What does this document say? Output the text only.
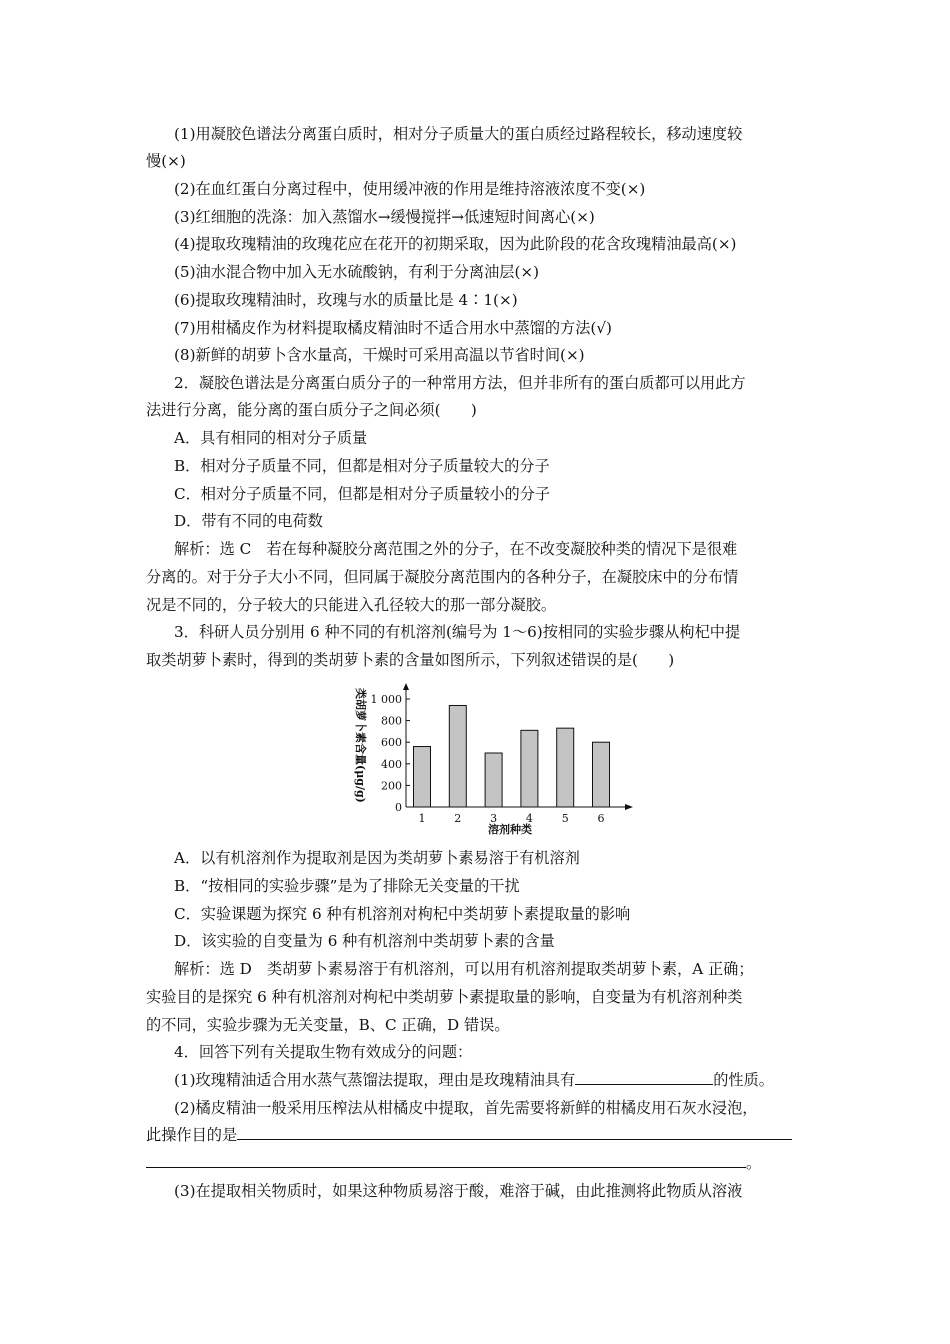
(1)用凝胶色谱法分离蛋白质时，相对分子质量大的蛋白质经过路程较长，移动速度较
慢(×)
(2)在血红蛋白分离过程中，使用缓冲液的作用是维持溶液浓度不变(×)
(3)红细胞的洗涤：加入蒸馏水→缓慢搅拌→低速短时间离心(×)
(4)提取玫瑰精油的玫瑰花应在花开的初期采取，因为此阶段的花含玫瑰精油最高(×)
(5)油水混合物中加入无水硫酸钠，有利于分离油层(×)
(6)提取玫瑰精油时，玫瑰与水的质量比是 4∶1(×)
(7)用柑橘皮作为材料提取橘皮精油时不适合用水中蒸馏的方法(√)
(8)新鲜的胡萝卜含水量高，干燥时可采用高温以节省时间(×)
2．凝胶色谱法是分离蛋白质分子的一种常用方法，但并非所有的蛋白质都可以用此方
法进行分离，能分离的蛋白质分子之间必须(　　)
A．具有相同的相对分子质量
B．相对分子质量不同，但都是相对分子质量较大的分子
C．相对分子质量不同，但都是相对分子质量较小的分子
D．带有不同的电荷数
解析：选 C　若在每种凝胶分离范围之外的分子，在不改变凝胶种类的情况下是很难
分离的。对于分子大小不同，但同属于凝胶分离范围内的各种分子，在凝胶床中的分布情
况是不同的，分子较大的只能进入孔径较大的那一部分凝胶。
3．科研人员分别用 6 种不同的有机溶剂(编号为 1～6)按相同的实验步骤从枸杞中提
取类胡萝卜素时，得到的类胡萝卜素的含量如图所示，下列叙述错误的是(　　)
类胡萝卜素含量(μg/g)
0
200
400
600
800
1 000
1	2	3	4	5	6
溶剂种类
A．以有机溶剂作为提取剂是因为类胡萝卜素易溶于有机溶剂
B．“按相同的实验步骤”是为了排除无关变量的干扰
C．实验课题为探究 6 种有机溶剂对枸杞中类胡萝卜素提取量的影响
D．该实验的自变量为 6 种有机溶剂中类胡萝卜素的含量
解析：选 D　类胡萝卜素易溶于有机溶剂，可以用有机溶剂提取类胡萝卜素，A 正确；
实验目的是探究 6 种有机溶剂对枸杞中类胡萝卜素提取量的影响，自变量为有机溶剂种类
的不同，实验步骤为无关变量，B、C 正确，D 错误。
4．回答下列有关提取生物有效成分的问题：
(1)玫瑰精油适合用水蒸气蒸馏法提取，理由是玫瑰精油具有	的性质。
(2)橘皮精油一般采用压榨法从柑橘皮中提取，首先需要将新鲜的柑橘皮用石灰水浸泡，
此操作目的是
。
(3)在提取相关物质时，如果这种物质易溶于酸，难溶于碱，由此推测将此物质从溶液
